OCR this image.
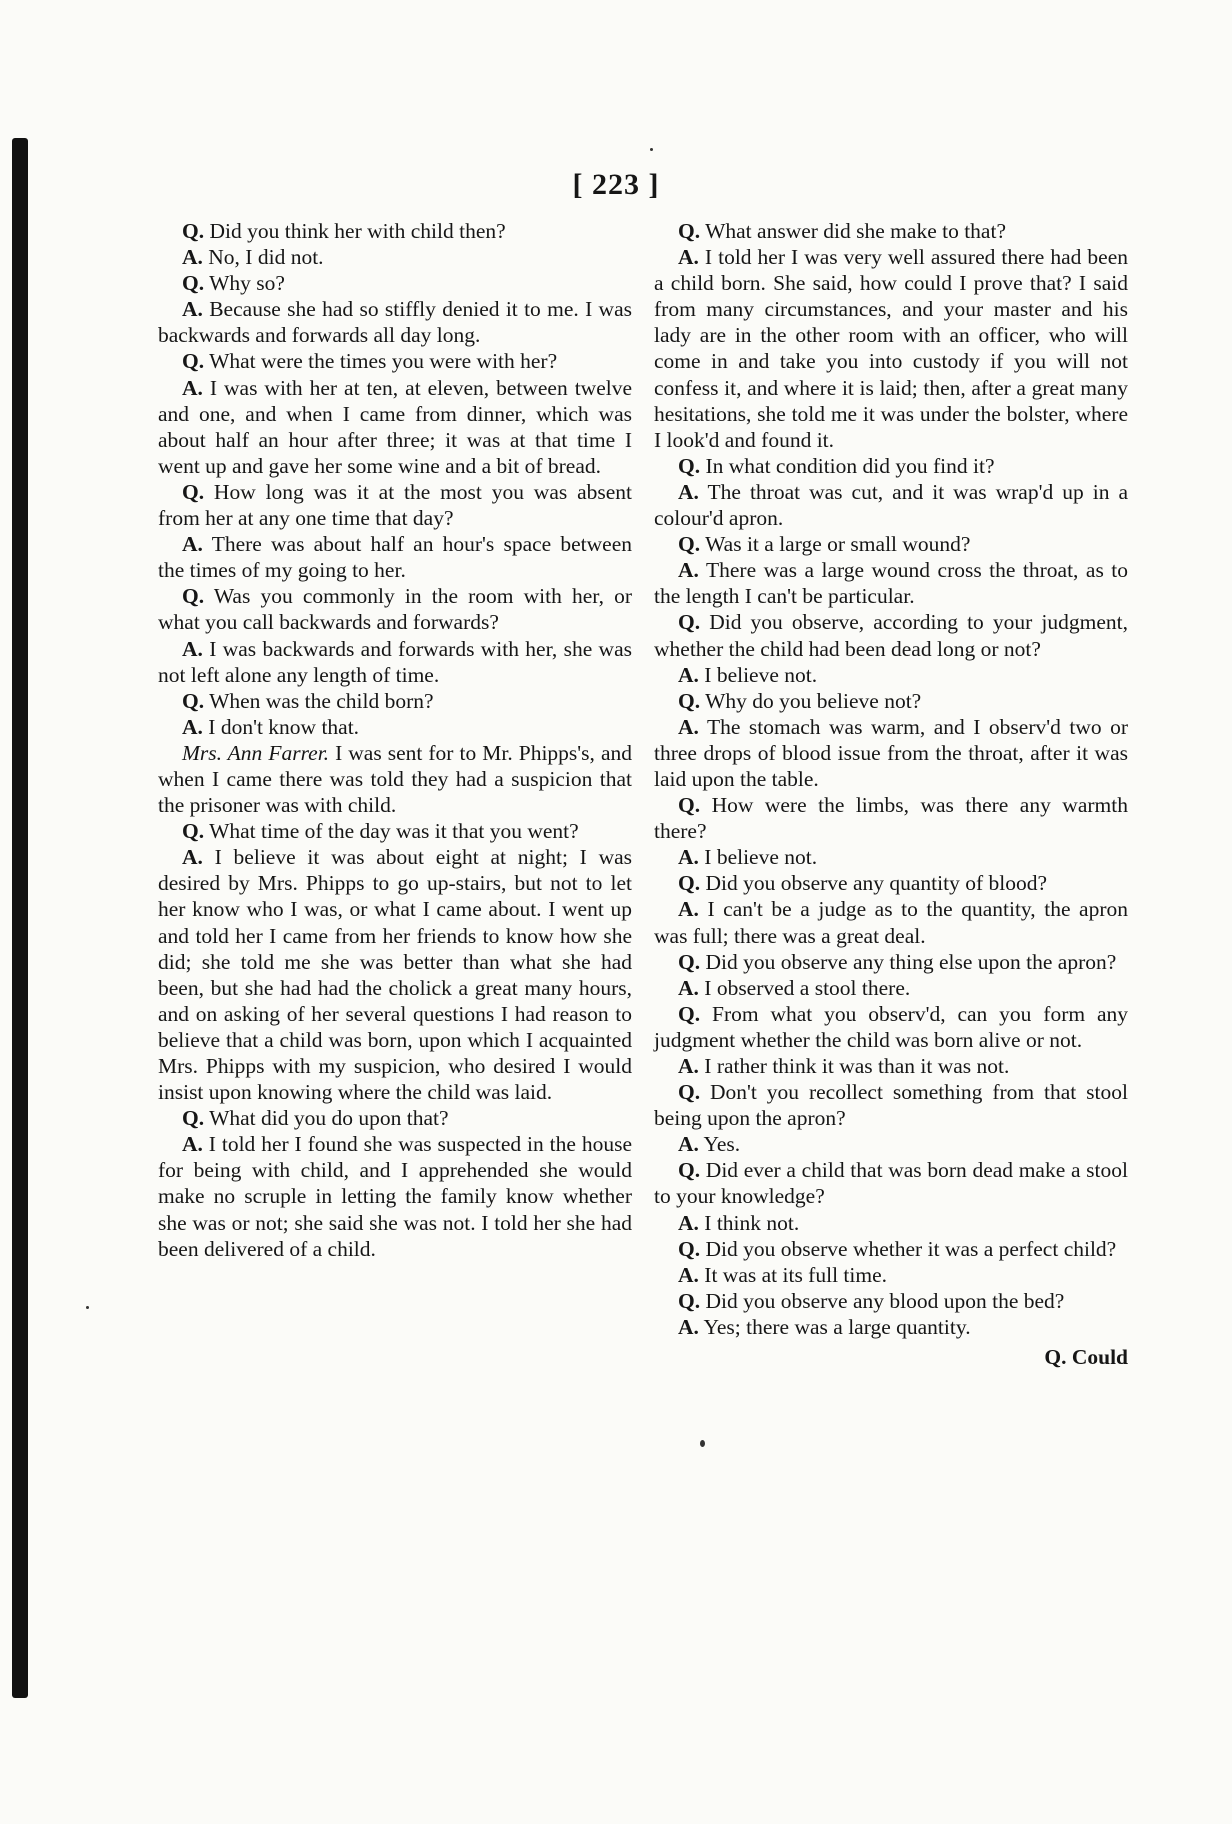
[ 223 ]

Q. Did you think her with child then?

A. No, I did not.

Q. Why so?

A. Because she had so stiffly denied it to me. I was backwards and forwards all day long.

Q. What were the times you were with her?

A. I was with her at ten, at eleven, between twelve and one, and when I came from dinner, which was about half an hour after three; it was at that time I went up and gave her some wine and a bit of bread.

Q. How long was it at the most you was absent from her at any one time that day?

A. There was about half an hour's space between the times of my going to her.

Q. Was you commonly in the room with her, or what you call backwards and forwards?

A. I was backwards and forwards with her, she was not left alone any length of time.

Q. When was the child born?

A. I don't know that.

Mrs. Ann Farrer. I was sent for to Mr. Phipps's, and when I came there was told they had a suspicion that the prisoner was with child.

Q. What time of the day was it that you went?

A. I believe it was about eight at night; I was desired by Mrs. Phipps to go up-stairs, but not to let her know who I was, or what I came about. I went up and told her I came from her friends to know how she did; she told me she was better than what she had been, but she had had the cholick a great many hours, and on asking of her several questions I had reason to believe that a child was born, upon which I acquainted Mrs. Phipps with my suspicion, who desired I would insist upon knowing where the child was laid.

Q. What did you do upon that?

A. I told her I found she was suspected in the house for being with child, and I apprehended she would make no scruple in letting the family know whether she was or not; she said she was not. I told her she had been delivered of a child.

Q. What answer did she make to that?

A. I told her I was very well assured there had been a child born. She said, how could I prove that? I said from many circumstances, and your master and his lady are in the other room with an officer, who will come in and take you into custody if you will not confess it, and where it is laid; then, after a great many hesitations, she told me it was under the bolster, where I look'd and found it.

Q. In what condition did you find it?

A. The throat was cut, and it was wrap'd up in a colour'd apron.

Q. Was it a large or small wound?

A. There was a large wound cross the throat, as to the length I can't be particular.

Q. Did you observe, according to your judgment, whether the child had been dead long or not?

A. I believe not.

Q. Why do you believe not?

A. The stomach was warm, and I observ'd two or three drops of blood issue from the throat, after it was laid upon the table.

Q. How were the limbs, was there any warmth there?

A. I believe not.

Q. Did you observe any quantity of blood?

A. I can't be a judge as to the quantity, the apron was full; there was a great deal.

Q. Did you observe any thing else upon the apron?

A. I observed a stool there.

Q. From what you observ'd, can you form any judgment whether the child was born alive or not.

A. I rather think it was than it was not.

Q. Don't you recollect something from that stool being upon the apron?

A. Yes.

Q. Did ever a child that was born dead make a stool to your knowledge?

A. I think not.

Q. Did you observe whether it was a perfect child?

A. It was at its full time.

Q. Did you observe any blood upon the bed?

A. Yes; there was a large quantity.

Q. Could
